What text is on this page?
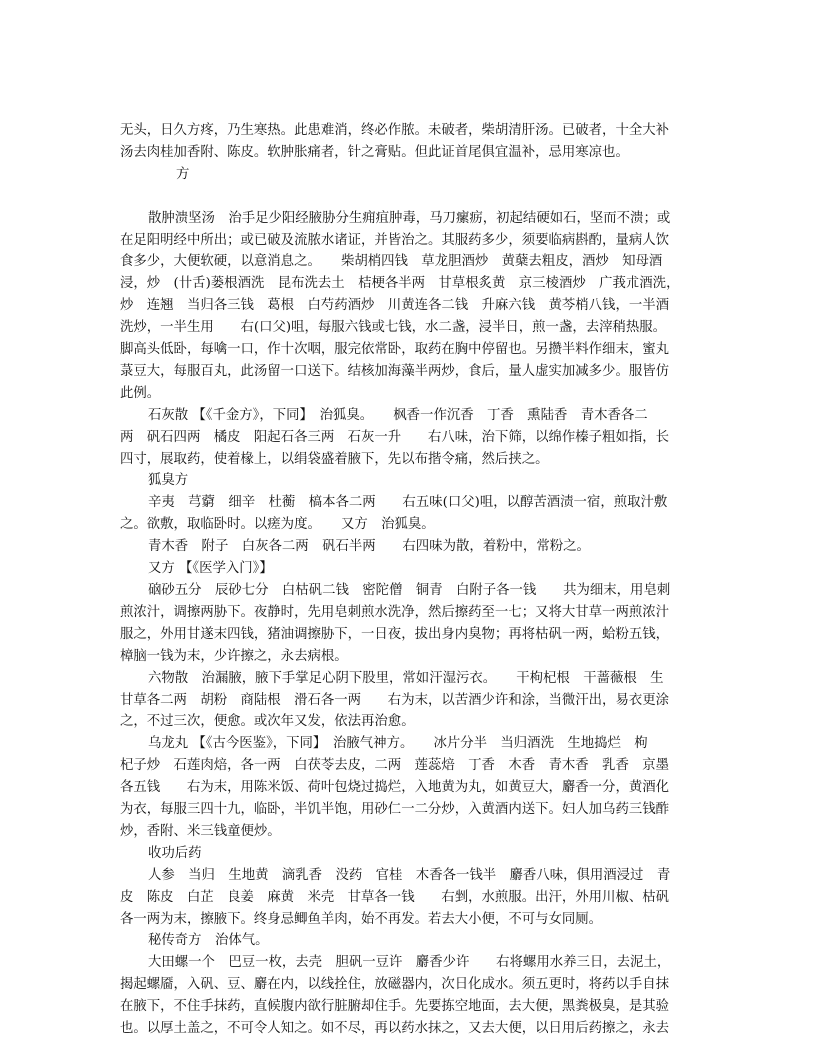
无头，日久方疼，乃生寒热。此患难消，终必作脓。未破者，柴胡清肝汤。已破者，十全大补
汤去肉桂加香附、陈皮。软肿胀痛者，针之膏贴。但此证首尾俱宜温补，忌用寒凉也。
方
散肿溃坚汤　治手足少阳经腋胁分生痈疽肿毒，马刀瘰疬，初起结硬如石，坚而不溃；或
在足阳明经中所出；或已破及流脓水诸证，并皆治之。其服药多少，须要临病斟酌，量病人饮
食多少，大便软硬，以意消息之。　　柴胡梢四钱　草龙胆酒炒　黄蘖去粗皮，酒炒　知母酒
浸，炒　(卄舌)蒌根酒洗　昆布洗去土　桔梗各半两　甘草根炙黄　京三棱酒炒　广莪朮酒洗，
炒　连翘　当归各三钱　葛根　白芍药酒炒　川黄连各二钱　升麻六钱　黄芩梢八钱，一半酒
洗炒，一半生用　　右(口父)咀，每服六钱或七钱，水二盏，浸半日，煎一盏，去滓稍热服。
脚高头低卧，每噙一口，作十次咽，服完依常卧，取药在胸中停留也。另攒半料作细末，蜜丸
菉豆大，每服百丸，此汤留一口送下。结核加海藻半两炒，食后，量人虚实加减多少。服皆仿
此例。
石灰散 【《千金方》，下同】　治狐臭。　　枫香一作沉香　丁香　熏陆香　青木香各二
两　矾石四两　橘皮　阳起石各三两　石灰一升　　右八味，治下筛，以绵作榛子粗如指，长
四寸，展取药，使着椽上，以绢袋盛着腋下，先以布揩令痛，然后挟之。
狐臭方
辛夷　芎藭　细辛　杜蘅　槁本各二两　　右五味(口父)咀，以醇苦酒渍一宿，煎取汁敷
之。欲敷，取临卧时。以瘥为度。　　又方　治狐臭。
青木香　附子　白灰各二两　矾石半两　　右四味为散，着粉中，常粉之。
又方 【《医学入门》】
硇砂五分　辰砂七分　白枯矾二钱　密陀僧　铜青　白附子各一钱　　共为细末，用皂刺
煎浓汁，调擦两胁下。夜静时，先用皂刺煎水洗净，然后擦药至一七；又将大甘草一两煎浓汁
服之，外用甘遂末四钱，猪油调擦胁下，一日夜，拔出身内臭物；再将枯矾一两，蛤粉五钱，
樟脑一钱为末，少许擦之，永去病根。
六物散　治漏腋，腋下手掌足心阴下股里，常如汗湿污衣。　　干枸杞根　干蔷薇根　生
甘草各二两　胡粉　商陆根　滑石各一两　　右为末，以苦酒少许和涂，当微汗出，易衣更涂
之，不过三次，便愈。或次年又发，依法再治愈。
乌龙丸 【《古今医鉴》，下同】　治腋气神方。　　冰片分半　当归酒洗　生地捣烂　枸
杞子炒　石莲肉焙，各一两　白茯苓去皮，二两　莲蕊焙　丁香　木香　青木香　乳香　京墨
各五钱　　右为末，用陈米饭、荷叶包烧过捣烂，入地黄为丸，如黄豆大，麝香一分，黄酒化
为衣，每服三四十九，临卧，半饥半饱，用砂仁一二分炒，入黄酒内送下。妇人加乌药三钱酢
炒，香附、米三钱童便炒。
收功后药
人参　当归　生地黄　滴乳香　没药　官桂　木香各一钱半　麝香八味，俱用酒浸过　青
皮　陈皮　白芷　良姜　麻黄　米壳　甘草各一钱　　右剉，水煎服。出汗，外用川椒、枯矾
各一两为末，擦腋下。终身忌鲫鱼羊肉，始不再发。若去大小便，不可与女同厕。
秘传奇方　治体气。
大田螺一个　巴豆一枚，去壳　胆矾一豆许　麝香少许　　右将螺用水养三日，去泥土，
揭起螺靥，入矾、豆、麝在内，以线拴住，放磁器内，次日化成水。须五更时，将药以手自抹
在腋下，不住手抹药，直候腹内欲行脏腑却住手。先要拣空地面，去大便，黑粪极臭，是其验
也。以厚土盖之，不可令人知之。如不尽，再以药水抹之，又去大便，以日用后药擦之，永去
